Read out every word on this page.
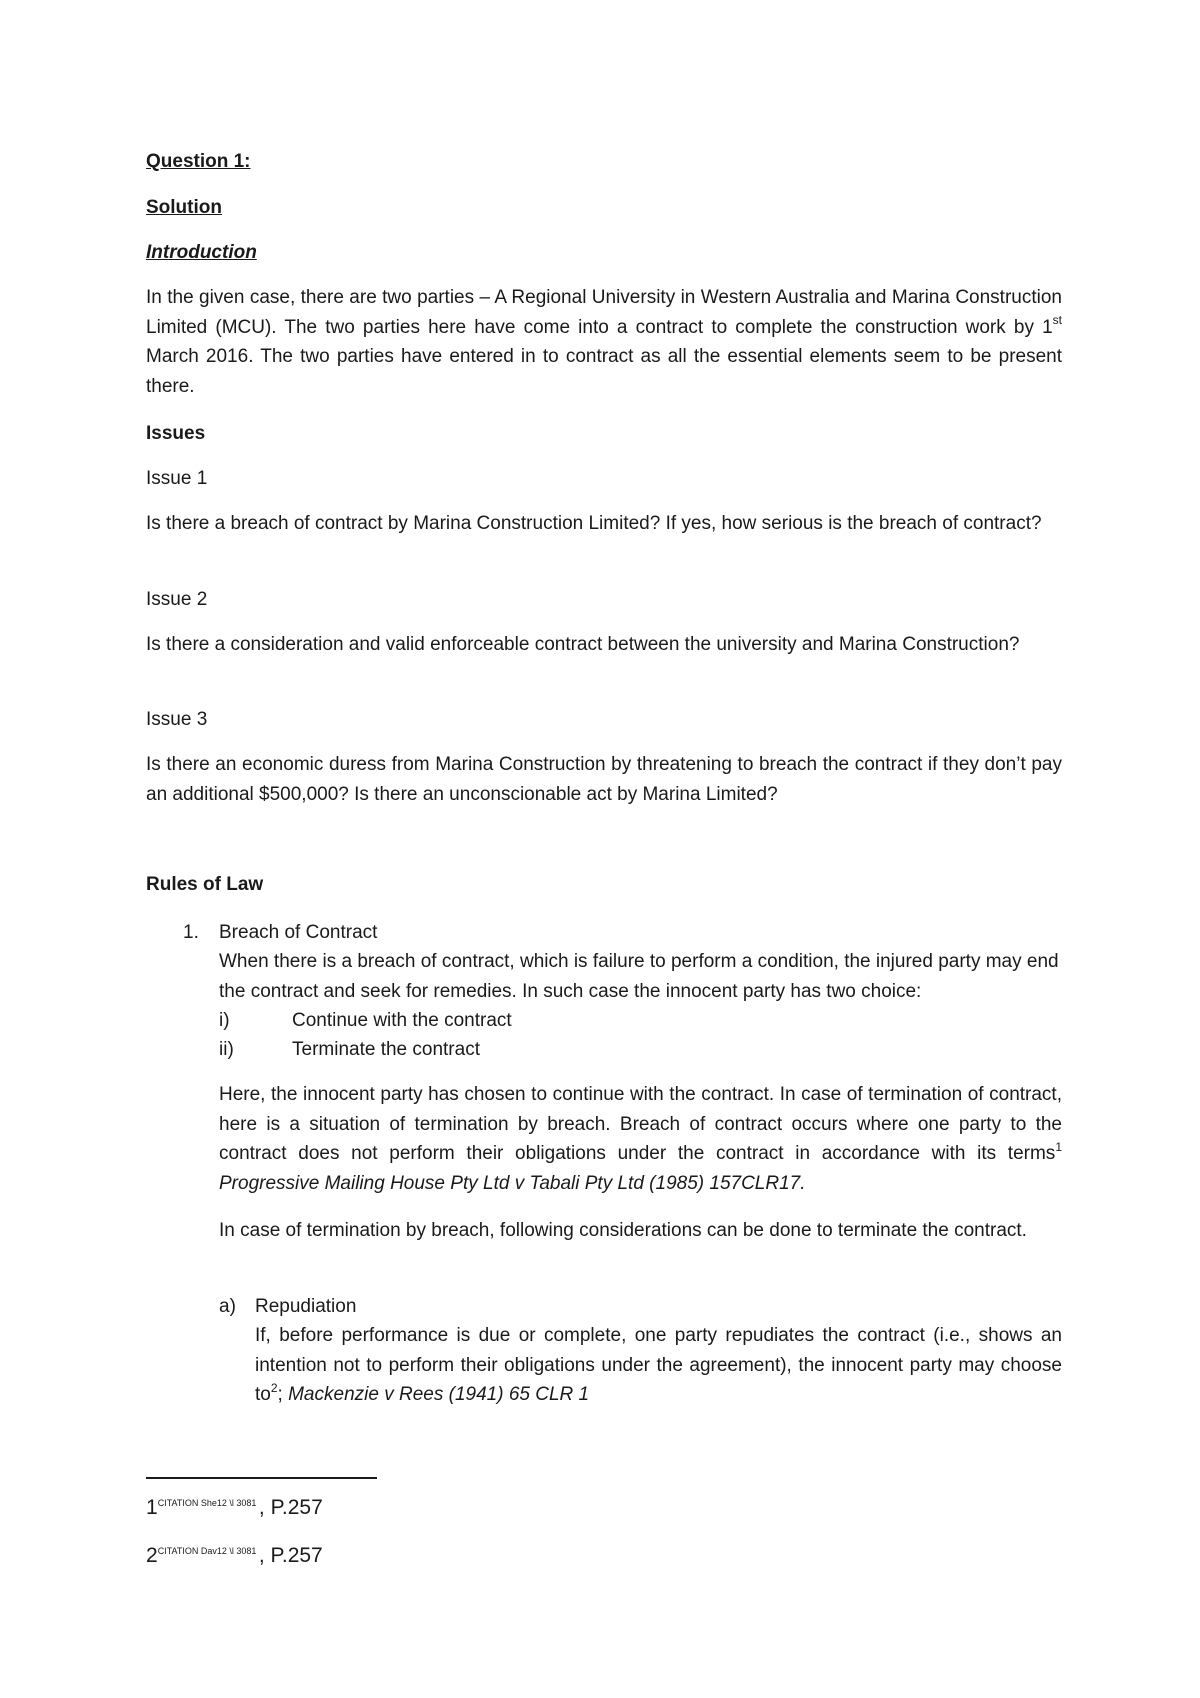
Question 1:
Solution
Introduction
In the given case, there are two parties – A Regional University in Western Australia and Marina Construction Limited (MCU). The two parties here have come into a contract to complete the construction work by 1st March 2016. The two parties have entered in to contract as all the essential elements seem to be present there.
Issues
Issue 1
Is there a breach of contract by Marina Construction Limited? If yes, how serious is the breach of contract?
Issue 2
Is there a consideration and valid enforceable contract between the university and Marina Construction?
Issue 3
Is there an economic duress from Marina Construction by threatening to breach the contract if they don’t pay an additional $500,000? Is there an unconscionable act by Marina Limited?
Rules of Law
1.	Breach of Contract
When there is a breach of contract, which is failure to perform a condition, the injured party may end the contract and seek for remedies. In such case the innocent party has two choice:
i)	Continue with the contract
ii)	Terminate the contract
Here, the innocent party has chosen to continue with the contract. In case of termination of contract, here is a situation of termination by breach. Breach of contract occurs where one party to the contract does not perform their obligations under the contract in accordance with its terms$^1$ Progressive Mailing House Pty Ltd v Tabali Pty Ltd (1985) 157CLR17.
In case of termination by breach, following considerations can be done to terminate the contract.
a)	Repudiation
If, before performance is due or complete, one party repudiates the contract (i.e., shows an intention not to perform their obligations under the agreement), the innocent party may choose $to^2$; Mackenzie v Rees (1941) 65 CLR 1
$1^{CITATION She12 \backslash l 3081}$ , P.257
$2^{CITATION Dav12 \backslash l 3081}$ , P.257
